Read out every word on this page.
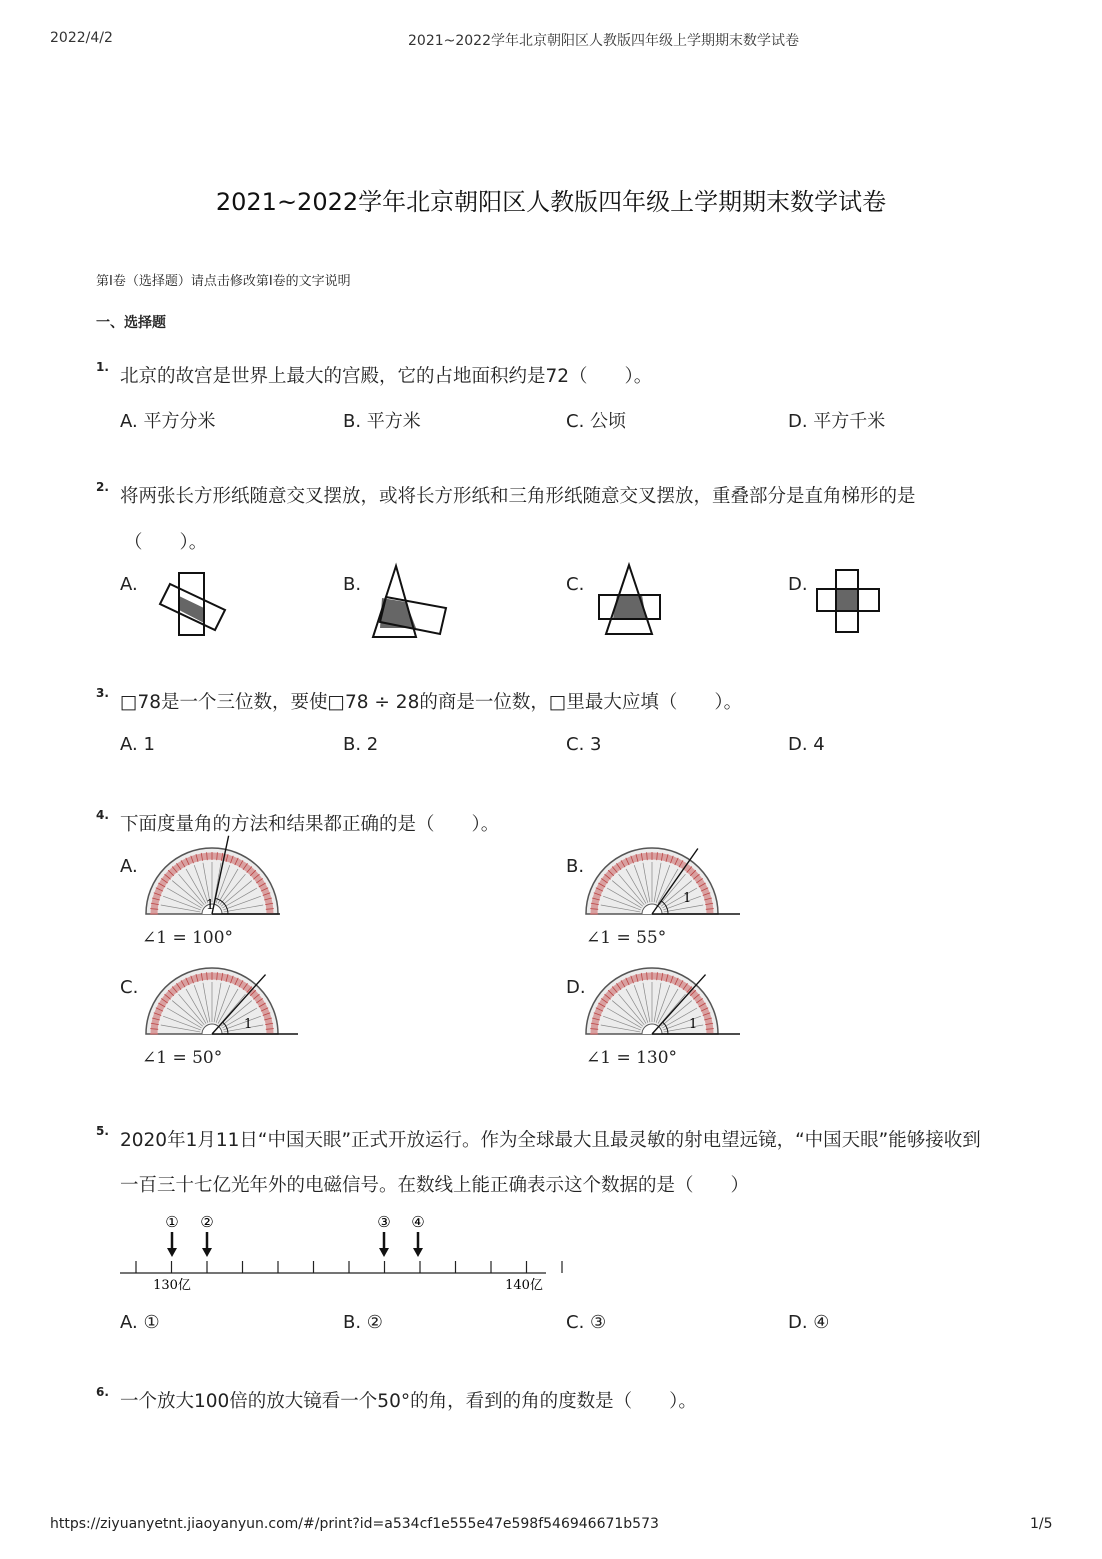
2022/4/2	2021~2022学年北京朝阳区人教版四年级上学期期末数学试卷
2021~2022学年北京朝阳区人教版四年级上学期期末数学试卷
第Ⅰ卷（选择题）请点击修改第Ⅰ卷的文字说明
一、选择题
1. 北京的故宫是世界上最大的宫殿，它的占地面积约是72（　　）。
A. 平方分米	B. 平方米	C. 公顷	D. 平方千米
2. 将两张长方形纸随意交叉摆放，或将长方形纸和三角形纸随意交叉摆放，重叠部分是直角梯形的是
（　　）。
A.	B.	C.	D.
3. □78是一个三位数，要使□78 ÷ 28的商是一位数，□里最大应填（　　）。
A. 1	B. 2	C. 3	D. 4
4. 下面度量角的方法和结果都正确的是（　　）。
A.	B.
C.	D.
1	1
1	1
∠1 = 100°	∠1 = 55°
∠1 = 50°	∠1 = 130°
5. 2020年1月11日“中国天眼”正式开放运行。作为全球最大且最灵敏的射电望远镜，“中国天眼”能够接收到
一百三十七亿光年外的电磁信号。在数线上能正确表示这个数据的是（　　）
① ②	③ ④
130亿	140亿
A. ①	B. ②	C. ③	D. ④
6. 一个放大100倍的放大镜看一个50°的角，看到的角的度数是（　　）。
https://ziyuanyetnt.jiaoyanyun.com/#/print?id=a534cf1e555e47e598f546946671b573	1/5
